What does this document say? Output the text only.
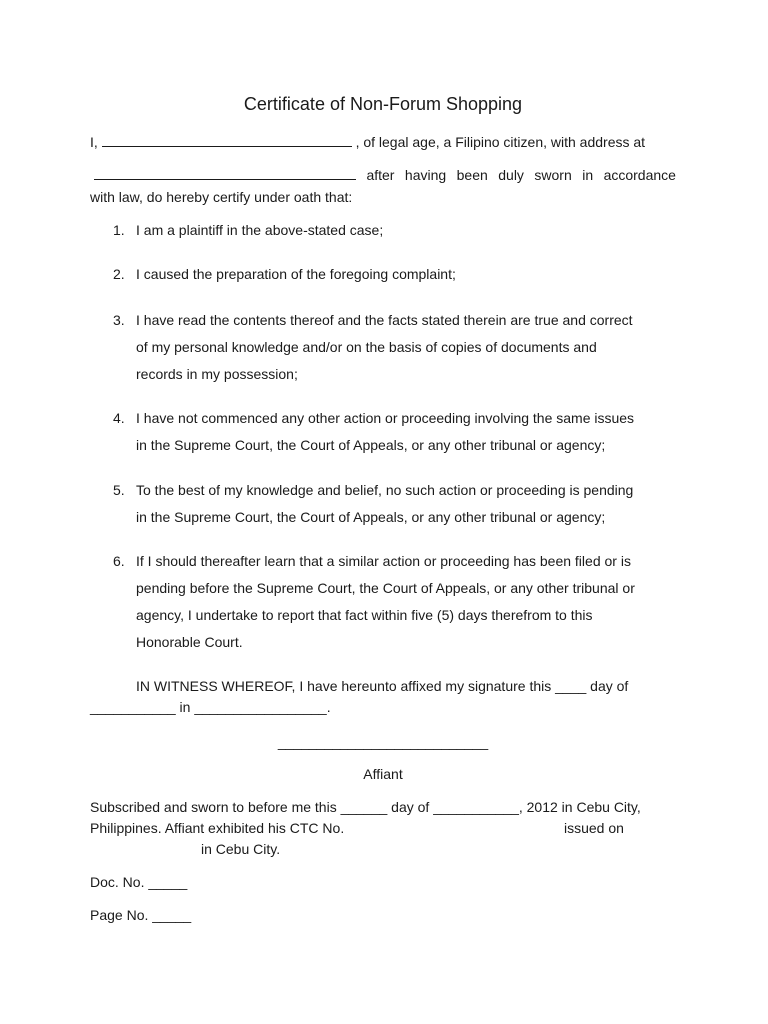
Certificate of Non-Forum Shopping
I,	, of legal age, a Filipino citizen, with address at
after having been duly sworn in accordance
with law, do hereby certify under oath that:
1. I am a plaintiff in the above-stated case;
2. I caused the preparation of the foregoing complaint;
3. I have read the contents thereof and the facts stated therein are true and correct
of my personal knowledge and/or on the basis of copies of documents and
records in my possession;
4. I have not commenced any other action or proceeding involving the same issues
in the Supreme Court, the Court of Appeals, or any other tribunal or agency;
5. To the best of my knowledge and belief, no such action or proceeding is pending
in the Supreme Court, the Court of Appeals, or any other tribunal or agency;
6. If I should thereafter learn that a similar action or proceeding has been filed or is
pending before the Supreme Court, the Court of Appeals, or any other tribunal or
agency, I undertake to report that fact within five (5) days therefrom to this
Honorable Court.
IN WITNESS WHEREOF, I have hereunto affixed my signature this ____ day of
___________ in _________________.
___________________________
Affiant
Subscribed and sworn to before me this ______ day of ___________, 2012 in Cebu City,
Philippines. Affiant exhibited his CTC No.	issued on
in Cebu City.
Doc. No. _____
Page No. _____
